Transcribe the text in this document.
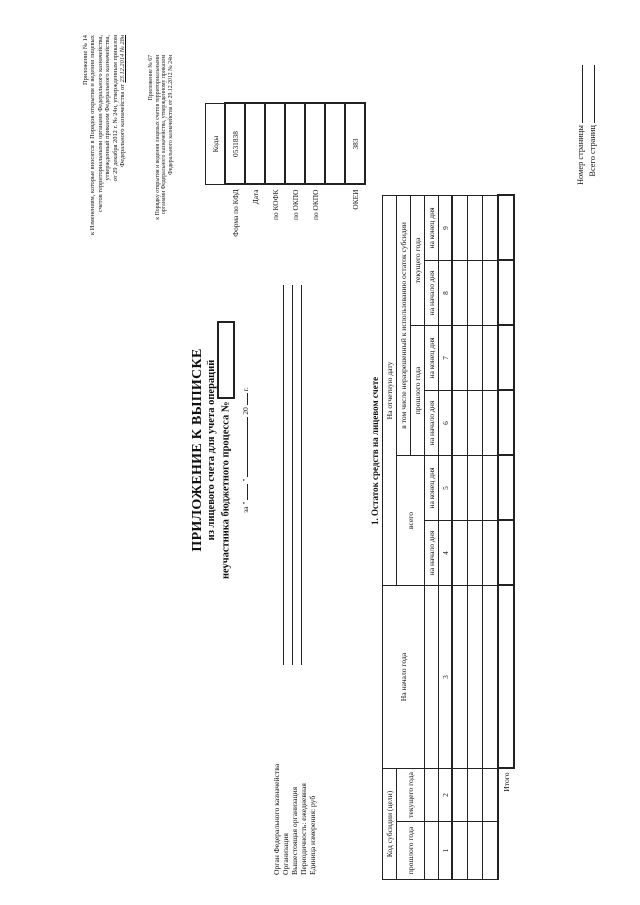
Приложение № 14 к Изменениям, которые вносятся в Порядок открытия и ведения лицевых счетов территориальными органами Федерального казначейства, утвержденный приказом Федерального казначейства, от 29 декабря 2012 г. № 24н, утвержденным приказом Федерального казначейства от 23.12.2014 № 28н	Приложение № 67 к Порядку открытия и ведения лицевых счетов территориальными органами Федерального казначейства, утвержденному приказом Федерального казначейства от 29.12.2012 № 24н
ПРИЛОЖЕНИЕ К ВЫПИСКЕ из лицевого счета для учета операций неучастника бюджетного процесса №	за "  "  20  г.
	Коды
Форма по КФД	0531838
Дата	
по КОФК	
по ОКПО	
по ОКПО	

ОКЕИ	383
Орган Федерального казначейства Организация Вышестоящая организация Периодичность: ежедневная Единица измерения: руб
1. Остаток средств на лицевом счете
Код субсидии (цели)		На начало года	На отчетную дату					
прошлого года	текущего года		всего		в том числе неразрешенный к использованию остаток субсидии			
					прошлого года		текущего года	
			на начало дня	на конец дня	на начало дня	на конец дня	на начало дня	на конец дня
1	2	3	4	5	6	7	8	9

Итого								
Номер страницы Всего страниц
